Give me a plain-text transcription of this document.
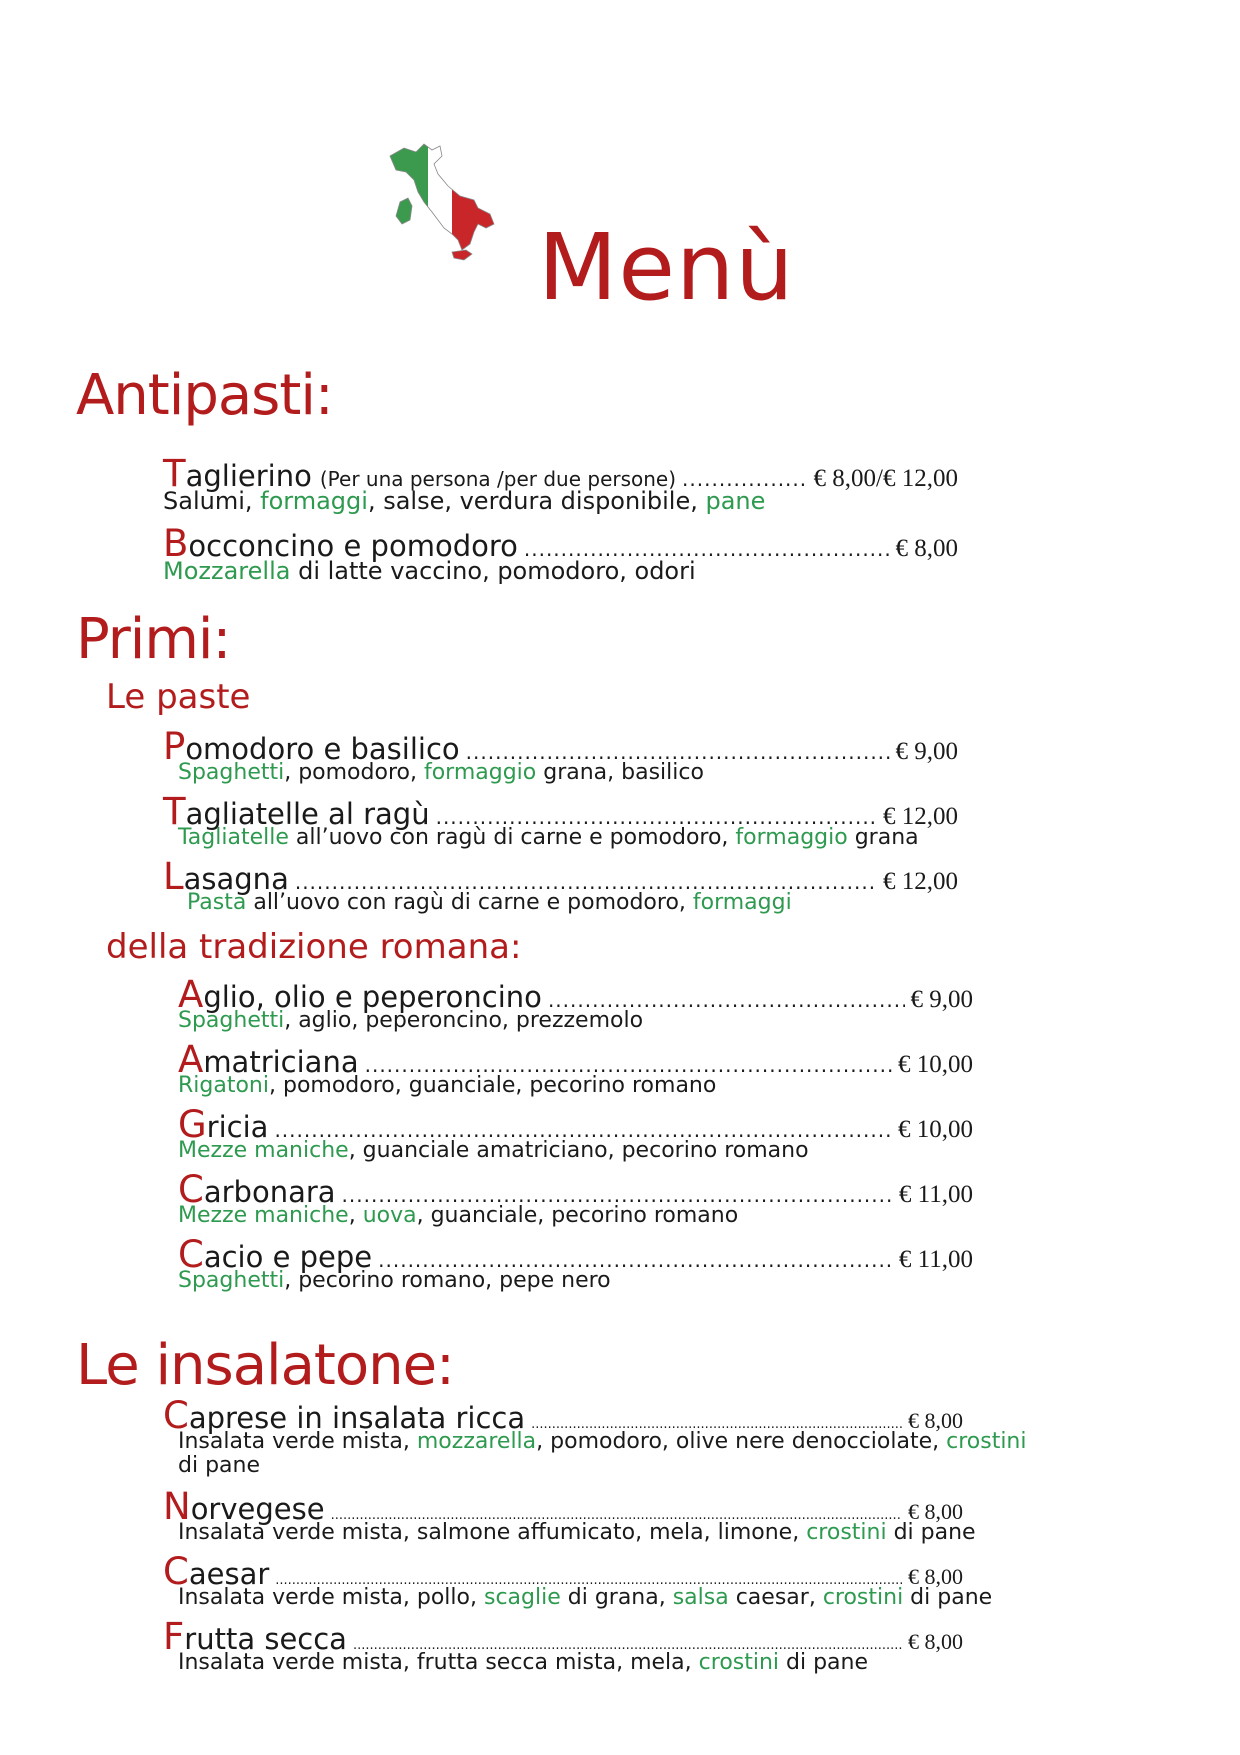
Menù
Antipasti:
Taglierino (Per una persona /per due persone) .....	€ 8,00/€ 12,00
Salumi, formaggi, salse, verdura disponibile, pane
Bocconcino e pomodoro .....	€ 8,00
Mozzarella di latte vaccino, pomodoro, odori
Primi:
Le paste
Pomodoro e basilico .....	€ 9,00
Spaghetti, pomodoro, formaggio grana, basilico
Tagliatelle al ragù .....	€ 12,00
Tagliatelle all’uovo con ragù di carne e pomodoro, formaggio grana
Lasagna .....	€ 12,00
Pasta all’uovo con ragù di carne e pomodoro, formaggi
della tradizione romana:
Aglio, olio e peperoncino .....	€ 9,00
Spaghetti, aglio, peperoncino, prezzemolo
Amatriciana .....	€ 10,00
Rigatoni, pomodoro, guanciale, pecorino romano
Gricia .....	€ 10,00
Mezze maniche, guanciale amatriciano, pecorino romano
Carbonara .....	€ 11,00
Mezze maniche, uova, guanciale, pecorino romano
Cacio e pepe .....	€ 11,00
Spaghetti, pecorino romano, pepe nero
Le insalatone:
Caprese in insalata ricca .....	€ 8,00
Insalata verde mista, mozzarella, pomodoro, olive nere denocciolate, crostini
di pane
Norvegese .....	€ 8,00
Insalata verde mista, salmone affumicato, mela, limone, crostini di pane
Caesar .....	€ 8,00
Insalata verde mista, pollo, scaglie di grana, salsa caesar, crostini di pane
Frutta secca .....	€ 8,00
Insalata verde mista, frutta secca mista, mela, crostini di pane
